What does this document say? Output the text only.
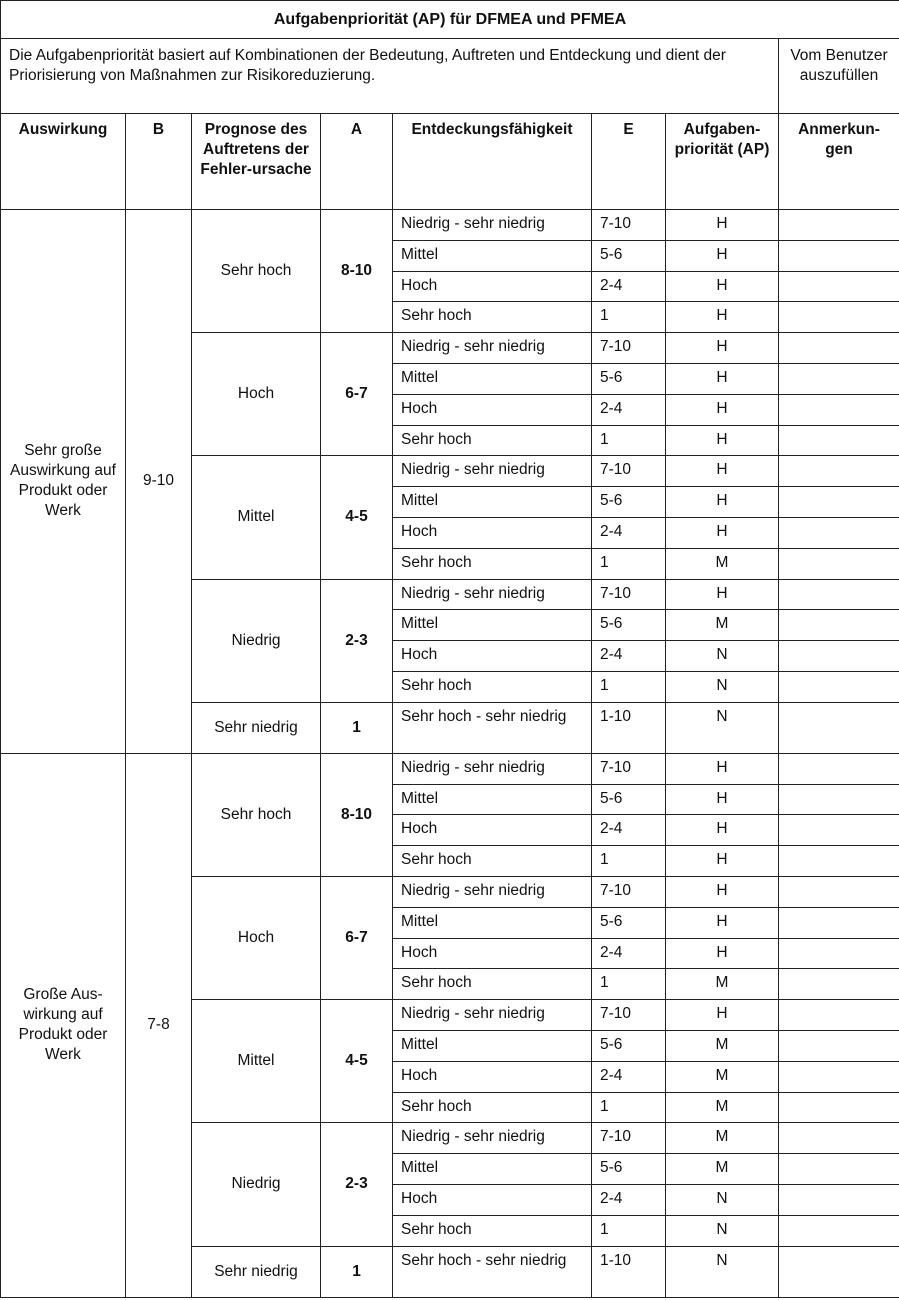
Aufgabenpriorität (AP) für DFMEA und PFMEA							
Die Aufgabenpriorität basiert auf Kombinationen der Bedeutung, Auftreten und Entdeckung und dient der Priorisierung von Maßnahmen zur Risikoreduzierung.							Vom Benutzer auszufüllen
Auswirkung	B	Prognose des Auftretens der Fehler-ursache	A	Entdeckungsfähigkeit	E	Aufgaben-priorität (AP)	Anmerkun-gen
Sehr große Auswirkung auf Produkt oder Werk	9-10	Sehr hoch	8-10	Niedrig - sehr niedrig	7-10	H	
				Mittel	5-6	H	
				Hoch	2-4	H	
				Sehr hoch	1	H	
		Hoch	6-7	Niedrig - sehr niedrig	7-10	H	
				Mittel	5-6	H	
				Hoch	2-4	H	
				Sehr hoch	1	H	
		Mittel	4-5	Niedrig - sehr niedrig	7-10	H	
				Mittel	5-6	H	
				Hoch	2-4	H	
				Sehr hoch	1	M	
		Niedrig	2-3	Niedrig - sehr niedrig	7-10	H	
				Mittel	5-6	M	
				Hoch	2-4	N	
				Sehr hoch	1	N	
		Sehr niedrig	1	Sehr hoch - sehr niedrig	1-10	N	
Große Aus-wirkung auf Produkt oder Werk	7-8	Sehr hoch	8-10	Niedrig - sehr niedrig	7-10	H	
				Mittel	5-6	H	
				Hoch	2-4	H	
				Sehr hoch	1	H	
		Hoch	6-7	Niedrig - sehr niedrig	7-10	H	
				Mittel	5-6	H	
				Hoch	2-4	H	
				Sehr hoch	1	M	
		Mittel	4-5	Niedrig - sehr niedrig	7-10	H	
				Mittel	5-6	M	
				Hoch	2-4	M	
				Sehr hoch	1	M	
		Niedrig	2-3	Niedrig - sehr niedrig	7-10	M	
				Mittel	5-6	M	
				Hoch	2-4	N	
				Sehr hoch	1	N	
		Sehr niedrig	1	Sehr hoch - sehr niedrig	1-10	N	
